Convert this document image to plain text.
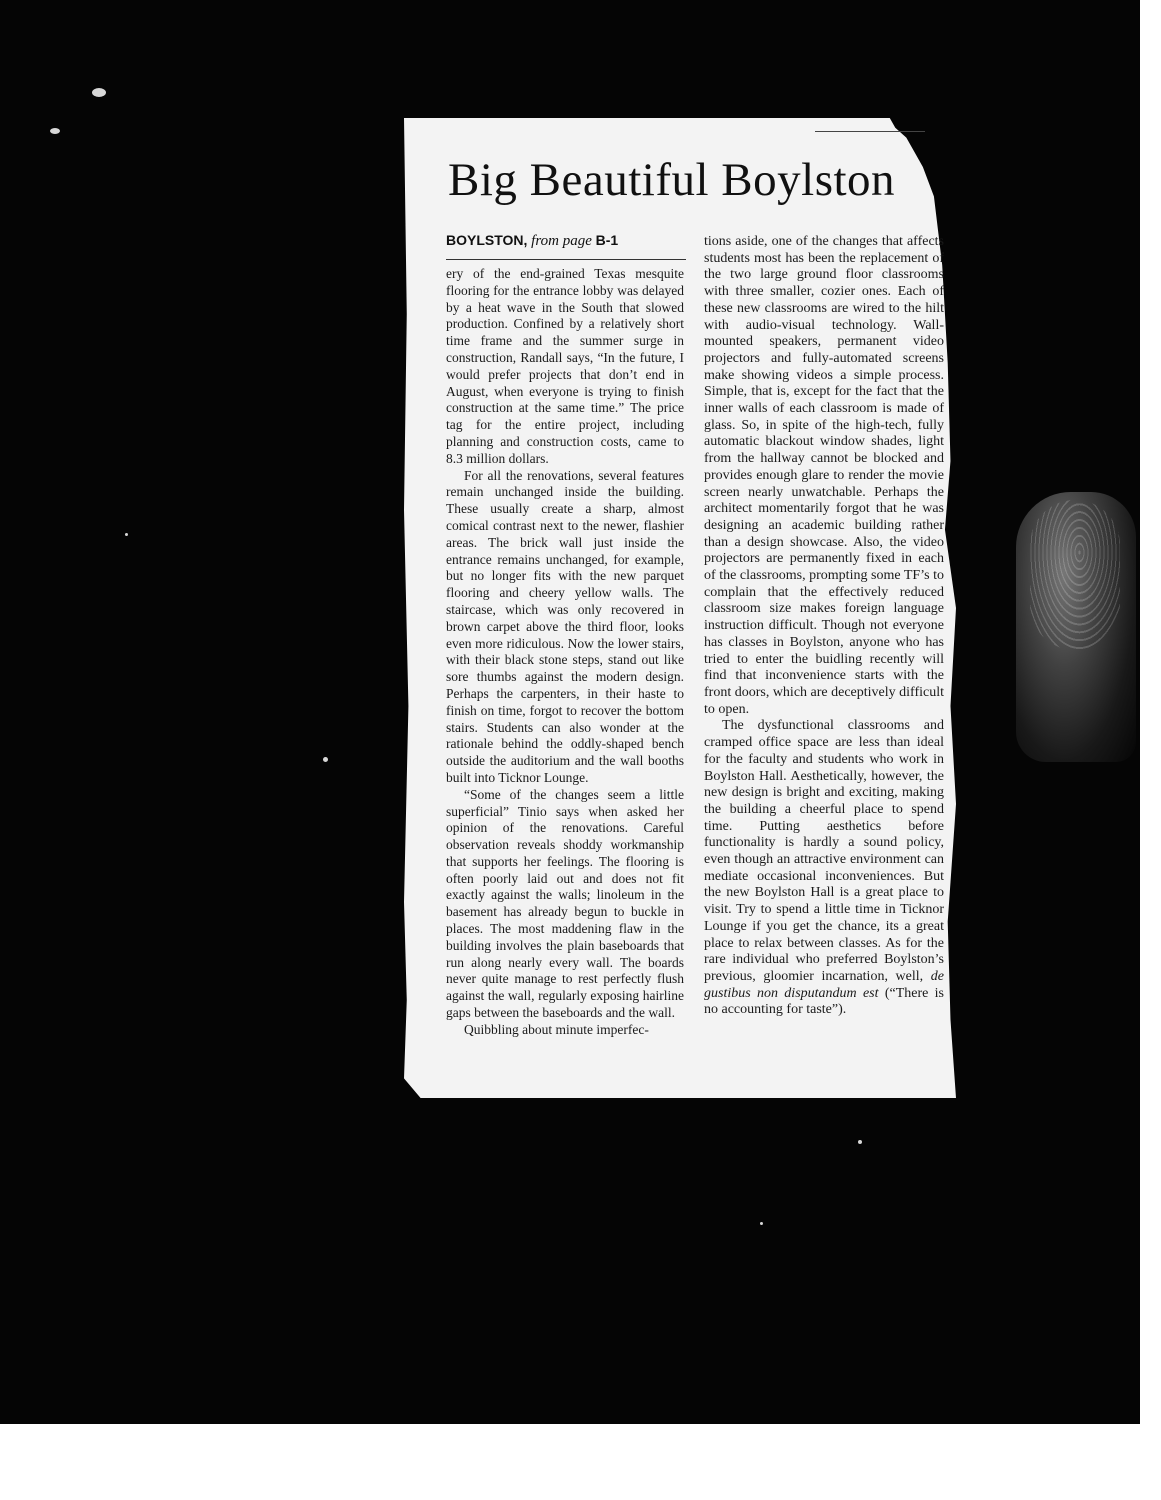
Big Beautiful Boylston
BOYLSTON, from page B-1

ery of the end-grained Texas mesquite flooring for the entrance lobby was delayed by a heat wave in the South that slowed production. Confined by a relatively short time frame and the summer surge in construction, Randall says, “In the future, I would prefer projects that don’t end in August, when everyone is trying to finish construction at the same time.” The price tag for the entire project, including planning and construction costs, came to 8.3 million dollars.

For all the renovations, several features remain unchanged inside the building. These usually create a sharp, almost comical contrast next to the newer, flashier areas. The brick wall just inside the entrance remains unchanged, for example, but no longer fits with the new parquet flooring and cheery yellow walls. The staircase, which was only recovered in brown carpet above the third floor, looks even more ridiculous. Now the lower stairs, with their black stone steps, stand out like sore thumbs against the modern design. Perhaps the carpenters, in their haste to finish on time, forgot to recover the bottom stairs. Students can also wonder at the rationale behind the oddly-shaped bench outside the auditorium and the wall booths built into Ticknor Lounge.

“Some of the changes seem a little superficial” Tinio says when asked her opinion of the renovations. Careful observation reveals shoddy workmanship that supports her feelings. The flooring is often poorly laid out and does not fit exactly against the walls; linoleum in the basement has already begun to buckle in places. The most maddening flaw in the building involves the plain baseboards that run along nearly every wall. The boards never quite manage to rest perfectly flush against the wall, regularly exposing hairline gaps between the baseboards and the wall.

Quibbling about minute imperfec-

tions aside, one of the changes that affects students most has been the replacement of the two large ground floor classrooms with three smaller, cozier ones. Each of these new classrooms are wired to the hilt with audio-visual technology. Wall-mounted speakers, permanent video projectors and fully-automated screens make showing videos a simple process. Simple, that is, except for the fact that the inner walls of each classroom is made of glass. So, in spite of the high-tech, fully automatic blackout window shades, light from the hallway cannot be blocked and provides enough glare to render the movie screen nearly unwatchable. Perhaps the architect momentarily forgot that he was designing an academic building rather than a design showcase. Also, the video projectors are permanently fixed in each of the classrooms, prompting some TF’s to complain that the effectively reduced classroom size makes foreign language instruction difficult. Though not everyone has classes in Boylston, anyone who has tried to enter the buidling recently will find that inconvenience starts with the front doors, which are deceptively difficult to open.

The dysfunctional classrooms and cramped office space are less than ideal for the faculty and students who work in Boylston Hall. Aesthetically, however, the new design is bright and exciting, making the building a cheerful place to spend time. Putting aesthetics before functionality is hardly a sound policy, even though an attractive environment can mediate occasional inconveniences. But the new Boylston Hall is a great place to visit. Try to spend a little time in Ticknor Lounge if you get the chance, its a great place to relax between classes. As for the rare individual who preferred Boylston’s previous, gloomier incarnation, well, de gustibus non disputandum est (“There is no accounting for taste”).
